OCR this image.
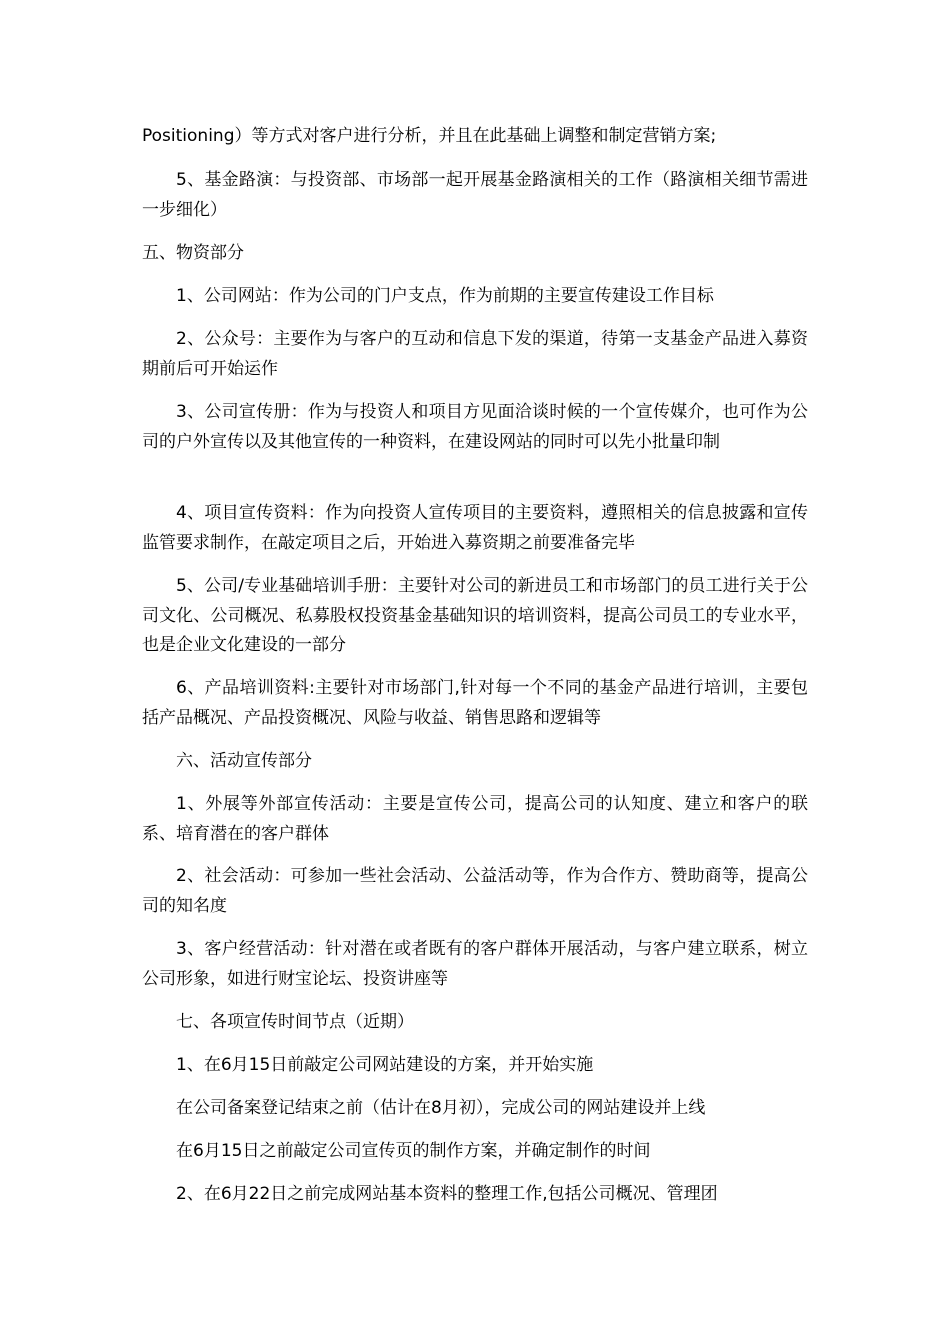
Positioning）等方式对客户进行分析，并且在此基础上调整和制定营销方案;

5、基金路演：与投资部、市场部一起开展基金路演相关的工作（路演相关细节需进一步细化）

五、物资部分

1、公司网站：作为公司的门户支点，作为前期的主要宣传建设工作目标

2、公众号：主要作为与客户的互动和信息下发的渠道，待第一支基金产品进入募资期前后可开始运作

3、公司宣传册：作为与投资人和项目方见面洽谈时候的一个宣传媒介，也可作为公司的户外宣传以及其他宣传的一种资料，在建设网站的同时可以先小批量印制

4、项目宣传资料：作为向投资人宣传项目的主要资料，遵照相关的信息披露和宣传监管要求制作，在敲定项目之后，开始进入募资期之前要准备完毕

5、公司/专业基础培训手册：主要针对公司的新进员工和市场部门的员工进行关于公司文化、公司概况、私募股权投资基金基础知识的培训资料，提高公司员工的专业水平，也是企业文化建设的一部分

6、产品培训资料:主要针对市场部门,针对每一个不同的基金产品进行培训，主要包括产品概况、产品投资概况、风险与收益、销售思路和逻辑等

六、活动宣传部分

1、外展等外部宣传活动：主要是宣传公司，提高公司的认知度、建立和客户的联系、培育潜在的客户群体

2、社会活动：可参加一些社会活动、公益活动等，作为合作方、赞助商等，提高公司的知名度

3、客户经营活动：针对潜在或者既有的客户群体开展活动，与客户建立联系，树立公司形象，如进行财宝论坛、投资讲座等

七、各项宣传时间节点（近期）

1、在6月15日前敲定公司网站建设的方案，并开始实施

在公司备案登记结束之前（估计在8月初），完成公司的网站建设并上线

在6月15日之前敲定公司宣传页的制作方案，并确定制作的时间

2、在6月22日之前完成网站基本资料的整理工作,包括公司概况、管理团
